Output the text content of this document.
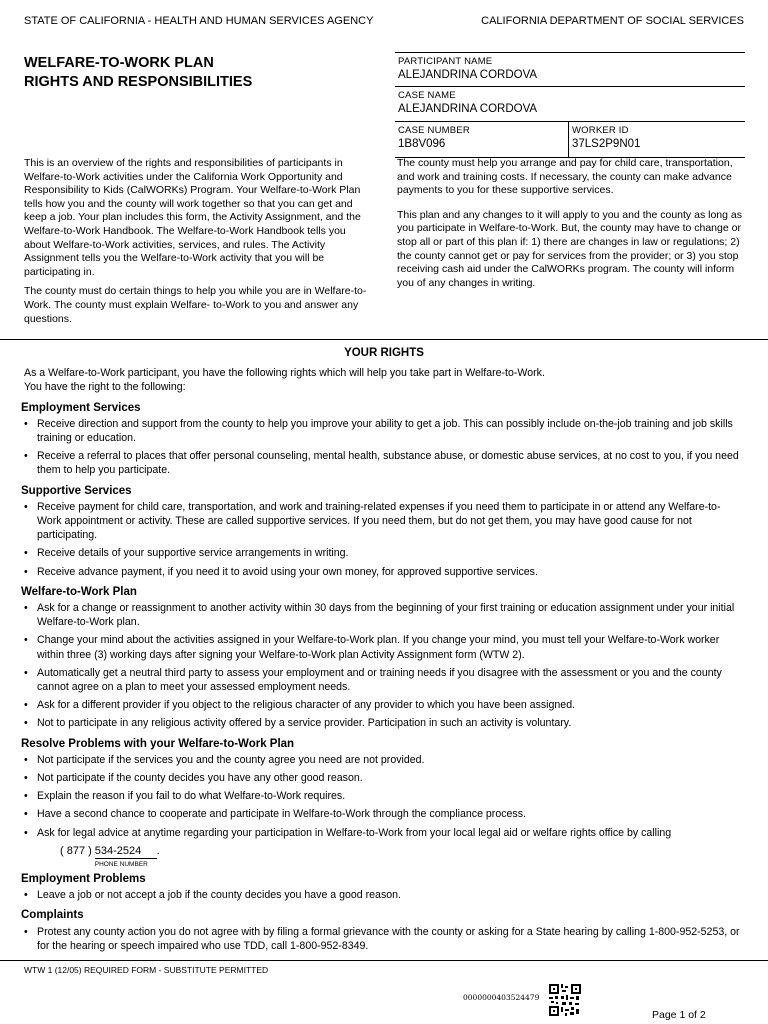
STATE OF CALIFORNIA - HEALTH AND HUMAN SERVICES AGENCY	CALIFORNIA DEPARTMENT OF SOCIAL SERVICES
WELFARE-TO-WORK PLAN
RIGHTS AND RESPONSIBILITIES
PARTICIPANT NAME
ALEJANDRINA CORDOVA
CASE NAME
ALEJANDRINA CORDOVA
CASE NUMBER
1B8V096
WORKER ID
37LS2P9N01

This is an overview of the rights and responsibilities of participants in Welfare-to-Work activities under the California Work Opportunity and Responsibility to Kids (CalWORKs) Program. Your Welfare-to-Work Plan tells how you and the county will work together so that you can get and keep a job. Your plan includes this form, the Activity Assignment, and the Welfare-to-Work Handbook. The Welfare-to-Work Handbook tells you about Welfare-to-Work activities, services, and rules. The Activity Assignment tells you the Welfare-to-Work activity that you will be participating in.

The county must do certain things to help you while you are in Welfare-to-Work. The county must explain Welfare- to-Work to you and answer any questions.

The county must help you arrange and pay for child care, transportation, and work and training costs. If necessary, the county can make advance payments to you for these supportive services.

This plan and any changes to it will apply to you and the county as long as you participate in Welfare-to-Work. But, the county may have to change or stop all or part of this plan if: 1) there are changes in law or regulations; 2) the county cannot get or pay for services from the provider; or 3) you stop receiving cash aid under the CalWORKs program. The county will inform you of any changes in writing.

YOUR RIGHTS
As a Welfare-to-Work participant, you have the following rights which will help you take part in Welfare-to-Work.
You have the right to the following:
Employment Services
• Receive direction and support from the county to help you improve your ability to get a job. This can possibly include on-the-job training and job skills training or education.
• Receive a referral to places that offer personal counseling, mental health, substance abuse, or domestic abuse services, at no cost to you, if you need them to help you participate.
Supportive Services
• Receive payment for child care, transportation, and work and training-related expenses if you need them to participate in or attend any Welfare-to-Work appointment or activity. These are called supportive services. If you need them, but do not get them, you may have good cause for not participating.
• Receive details of your supportive service arrangements in writing.
• Receive advance payment, if you need it to avoid using your own money, for approved supportive services.
Welfare-to-Work Plan
• Ask for a change or reassignment to another activity within 30 days from the beginning of your first training or education assignment under your initial Welfare-to-Work plan.
• Change your mind about the activities assigned in your Welfare-to-Work plan. If you change your mind, you must tell your Welfare-to-Work worker within three (3) working days after signing your Welfare-to-Work plan Activity Assignment form (WTW 2).
• Automatically get a neutral third party to assess your employment and or training needs if you disagree with the assessment or you and the county cannot agree on a plan to meet your assessed employment needs.
• Ask for a different provider if you object to the religious character of any provider to which you have been assigned.
• Not to participate in any religious activity offered by a service provider. Participation in such an activity is voluntary.
Resolve Problems with your Welfare-to-Work Plan
• Not participate if the services you and the county agree you need are not provided.
• Not participate if the county decides you have any other good reason.
• Explain the reason if you fail to do what Welfare-to-Work requires.
• Have a second chance to cooperate and participate in Welfare-to-Work through the compliance process.
• Ask for legal advice at anytime regarding your participation in Welfare-to-Work from your local legal aid or welfare rights office by calling
( 877 ) 534-2524
PHONE NUMBER
.
Employment Problems
• Leave a job or not accept a job if the county decides you have a good reason.
Complaints
• Protest any county action you do not agree with by filing a formal grievance with the county or asking for a State hearing by calling 1-800-952-5253, or for the hearing or speech impaired who use TDD, call 1-800-952-8349.
WTW 1 (12/05) REQUIRED FORM - SUBSTITUTE PERMITTED
0000000403524479
Page 1 of 2
